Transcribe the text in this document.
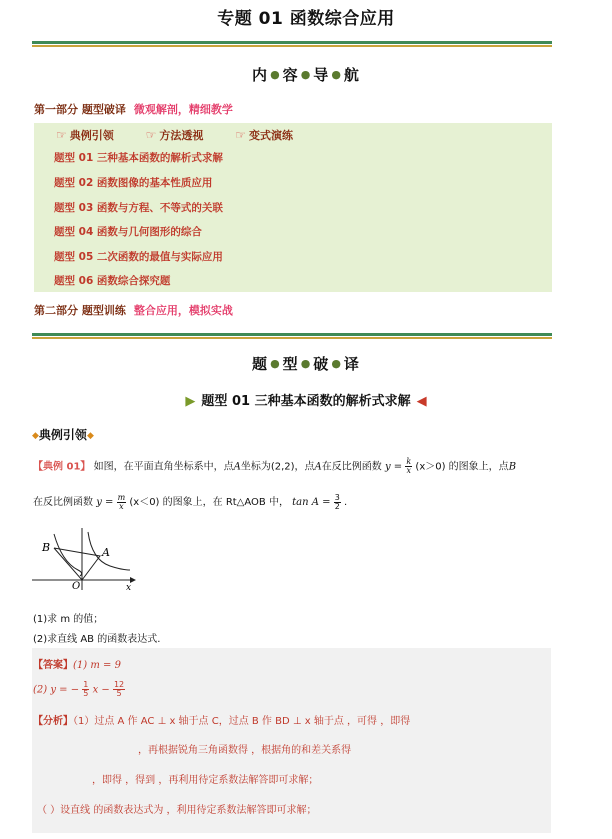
专题 01 函数综合应用
内 ● 容 ● 导 ● 航
第一部分 题型破译 微观解剖，精细教学
☞ 典例引领	☞ 方法透视	☞ 变式演练
题型 01 三种基本函数的解析式求解
题型 02 函数图像的基本性质应用
题型 03 函数与方程、不等式的关联
题型 04 函数与几何图形的综合
题型 05 二次函数的最值与实际应用
题型 06 函数综合探究题
第二部分 题型训练 整合应用，模拟实战
题 ● 型 ● 破 ● 译
▶ 题型 01 三种基本函数的解析式求解 ◀
◆典例引领◆
【典例 01】 如图，在平面直角坐标系中，点A坐标为(2,2)，点A在反比例函数 $y = \frac{k}{x} (x>0)$ 的图象上，点B
在反比例函数 $y = \frac{m}{x} (x<0)$ 的图象上，在 Rt△AOB 中， $\tan A = \frac{3}{2}$ .
B	A
O	x
(1)求 m 的值；
(2)求直线 AB 的函数表达式.
【答案】(1) m = 9
(2) y = − $\frac{1}{5}$ $x - \frac{12}{5}$
【分析】（1）过点 A 作 AC ⊥ x 轴于点 C，过点 B 作 BD ⊥ x 轴于点 ，可得 ，即得
，再根据锐角三角函数得 ，根据角的和差关系得
，即得 ，得到 ，再利用待定系数法解答即可求解；
（ ）设直线 的函数表达式为 ，利用待定系数法解答即可求解；
